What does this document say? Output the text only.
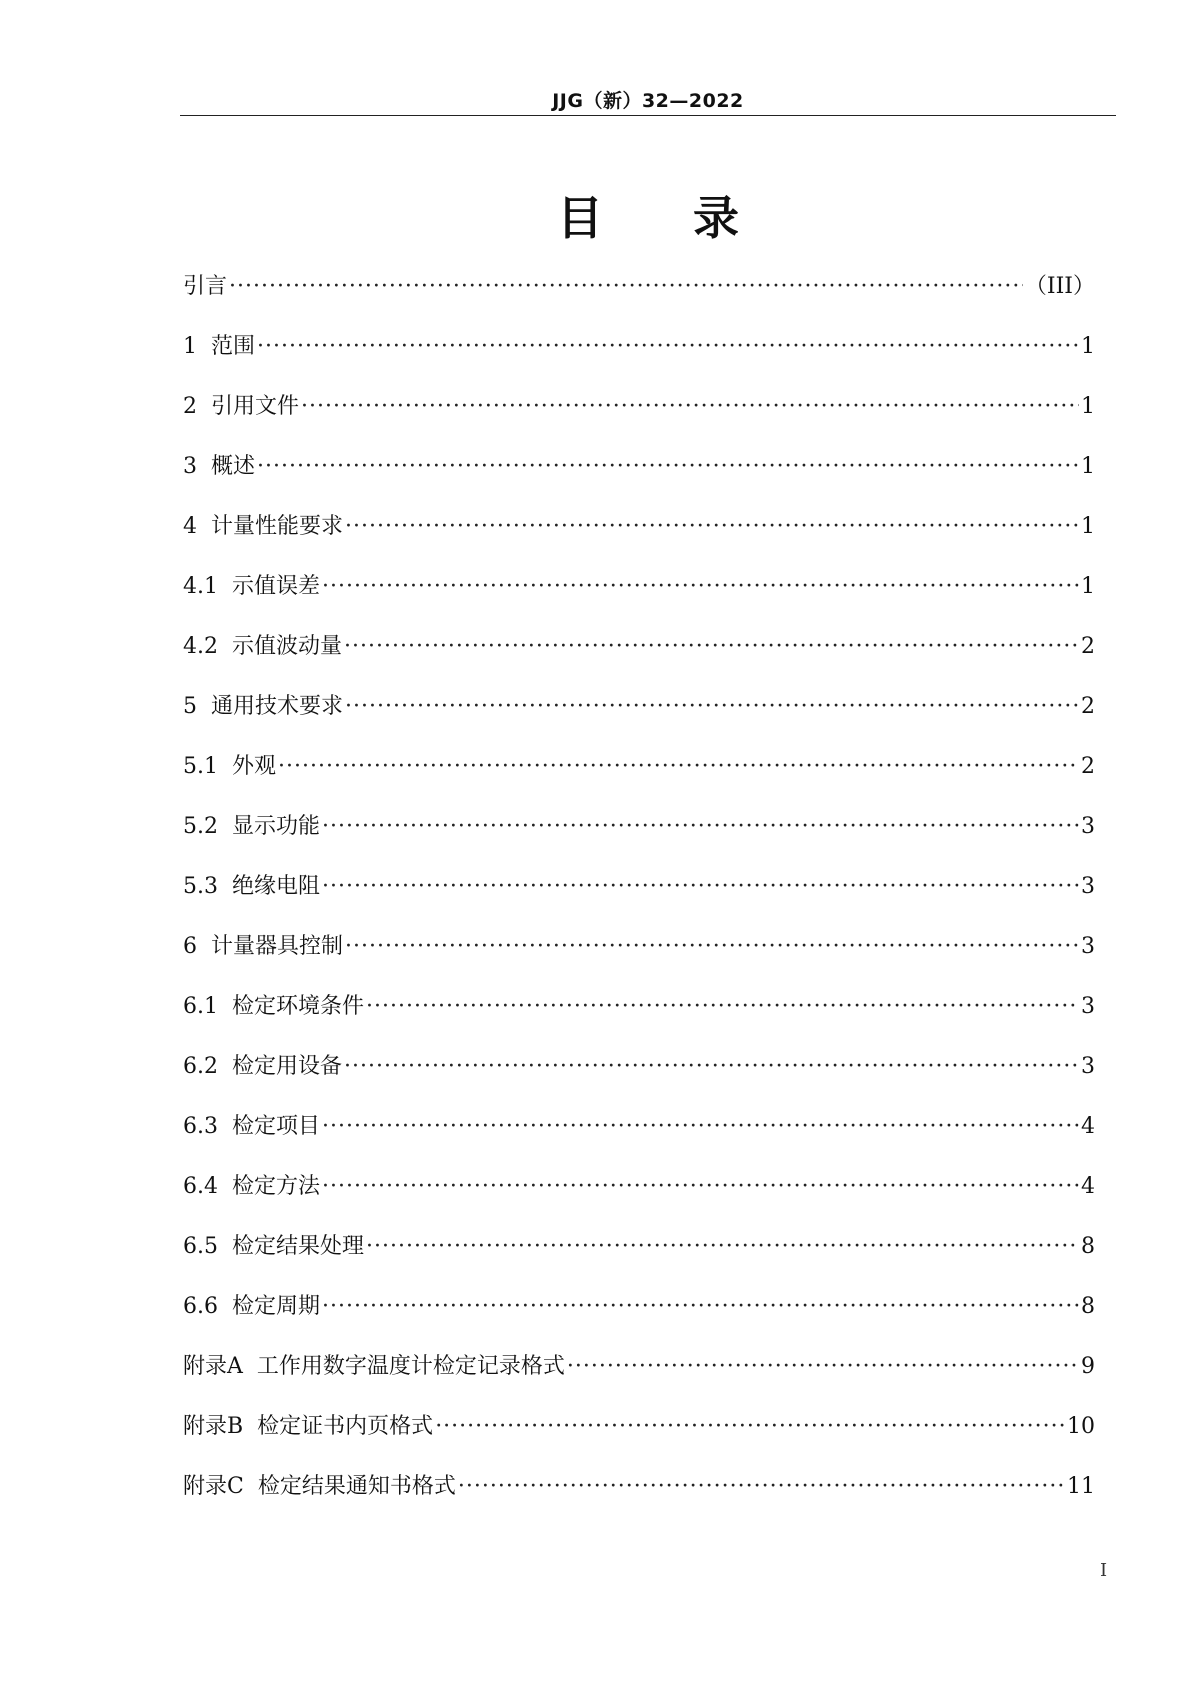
JJG（新）32—2022
目录
引言 ·····	（III）
1 范围 ·····	1
2 引用文件 ·····	1
3 概述 ·····	1
4 计量性能要求 ·····	1
4.1 示值误差 ·····	1
4.2 示值波动量 ·····	2
5 通用技术要求 ·····	2
5.1 外观 ·····	2
5.2 显示功能 ·····	3
5.3 绝缘电阻 ·····	3
6 计量器具控制 ·····	3
6.1 检定环境条件 ·····	3
6.2 检定用设备 ·····	3
6.3 检定项目 ·····	4
6.4 检定方法 ·····	4
6.5 检定结果处理 ·····	8
6.6 检定周期 ·····	8
附录A 工作用数字温度计检定记录格式 ·····	9
附录B 检定证书内页格式 ·····	10
附录C 检定结果通知书格式 ·····	11
I
